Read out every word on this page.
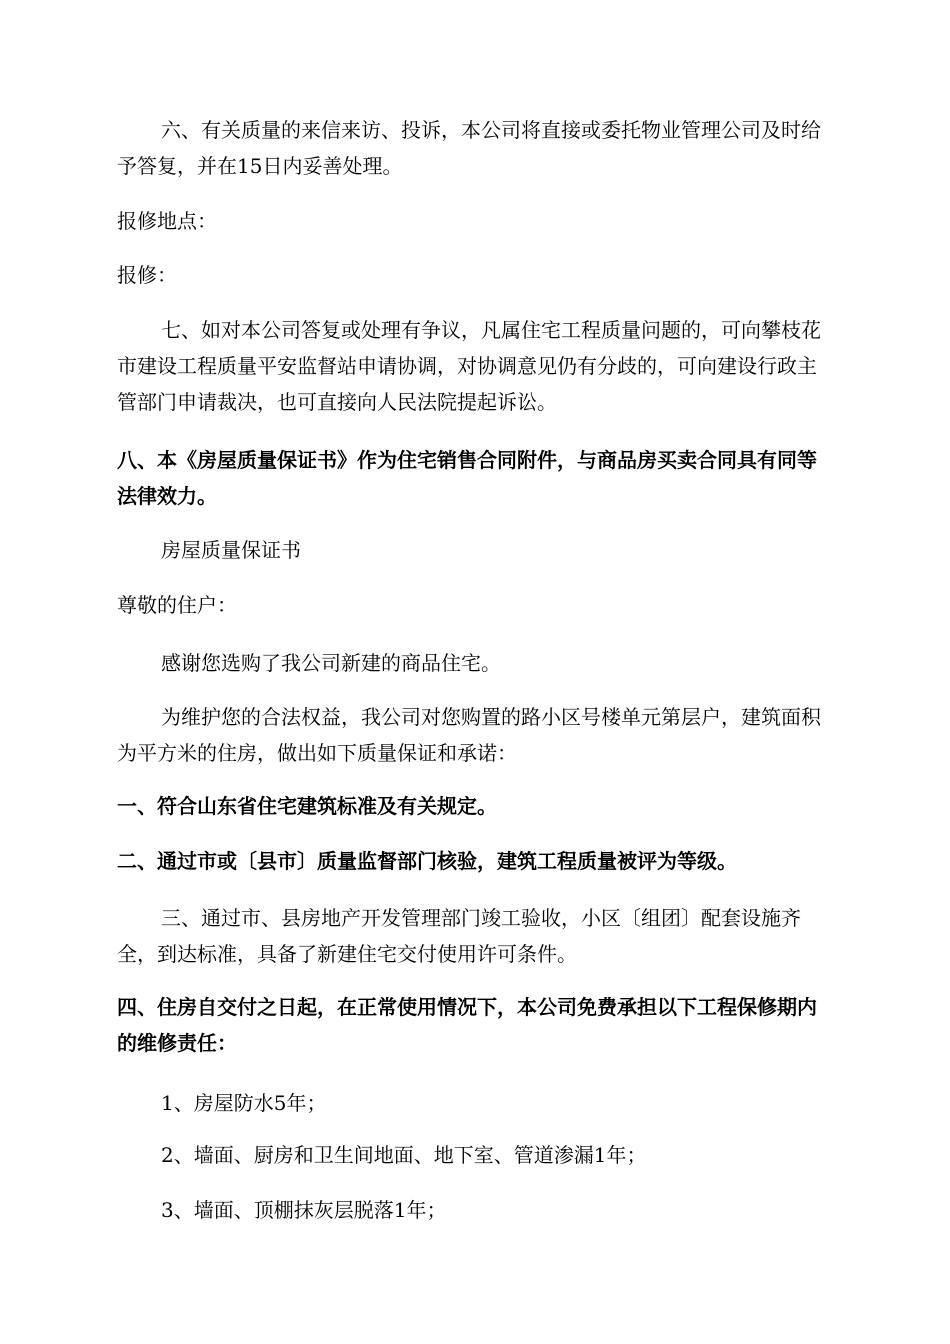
六、有关质量的来信来访、投诉，本公司将直接或委托物业管理公司及时给予答复，并在15日内妥善处理。
报修地点：
报修：
七、如对本公司答复或处理有争议，凡属住宅工程质量问题的，可向攀枝花市建设工程质量平安监督站申请协调，对协调意见仍有分歧的，可向建设行政主管部门申请裁决，也可直接向人民法院提起诉讼。
八、本《房屋质量保证书》作为住宅销售合同附件，与商品房买卖合同具有同等法律效力。
房屋质量保证书
尊敬的住户：
感谢您选购了我公司新建的商品住宅。
为维护您的合法权益，我公司对您购置的路小区号楼单元第层户，建筑面积为平方米的住房，做出如下质量保证和承诺：
一、符合山东省住宅建筑标准及有关规定。
二、通过市或〔县市〕质量监督部门核验，建筑工程质量被评为等级。
三、通过市、县房地产开发管理部门竣工验收，小区〔组团〕配套设施齐全，到达标准，具备了新建住宅交付使用许可条件。
四、住房自交付之日起，在正常使用情况下，本公司免费承担以下工程保修期内的维修责任：
1、房屋防水5年；
2、墙面、厨房和卫生间地面、地下室、管道渗漏1年；
3、墙面、顶棚抹灰层脱落1年；
